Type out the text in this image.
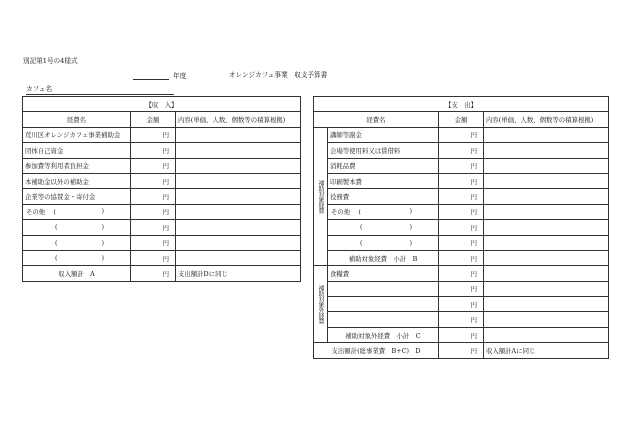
別記第1号の4様式
年度	オレンジカフェ事業　収支予算書
カフェ名
【収　入】		
経費名	金額	内容(単価、人数、個数等の積算根拠)
荒川区オレンジカフェ事業補助金	円	
団体自己資金	円	
参加費等利用者負担金	円	
本補助金以外の補助金	円	
企業等の協賛金・寄付金	円	

その他 ( )	円	

( )	円	

( )	円	

( )	円	
収入額計　A	円	支出額計Dに同じ
【支　出】			
経費名		金額	内容(単価、人数、個数等の積算根拠)
補助対象経費	講師等謝金	円	
	会場等使用料又は賃借料	円	
	消耗品費	円	
	印刷製本費	円	
	役務費	円	

	その他 ( )	円	

	( )	円	

	( )	円	
	補助対象経費　小計　B	円	
補助対象外経費	食糧費	円	
		円	
		円	
		円	
	補助対象外経費　小計　C	円	
支出額計(総事業費　B+C)　D		円	収入額計Aに同じ
